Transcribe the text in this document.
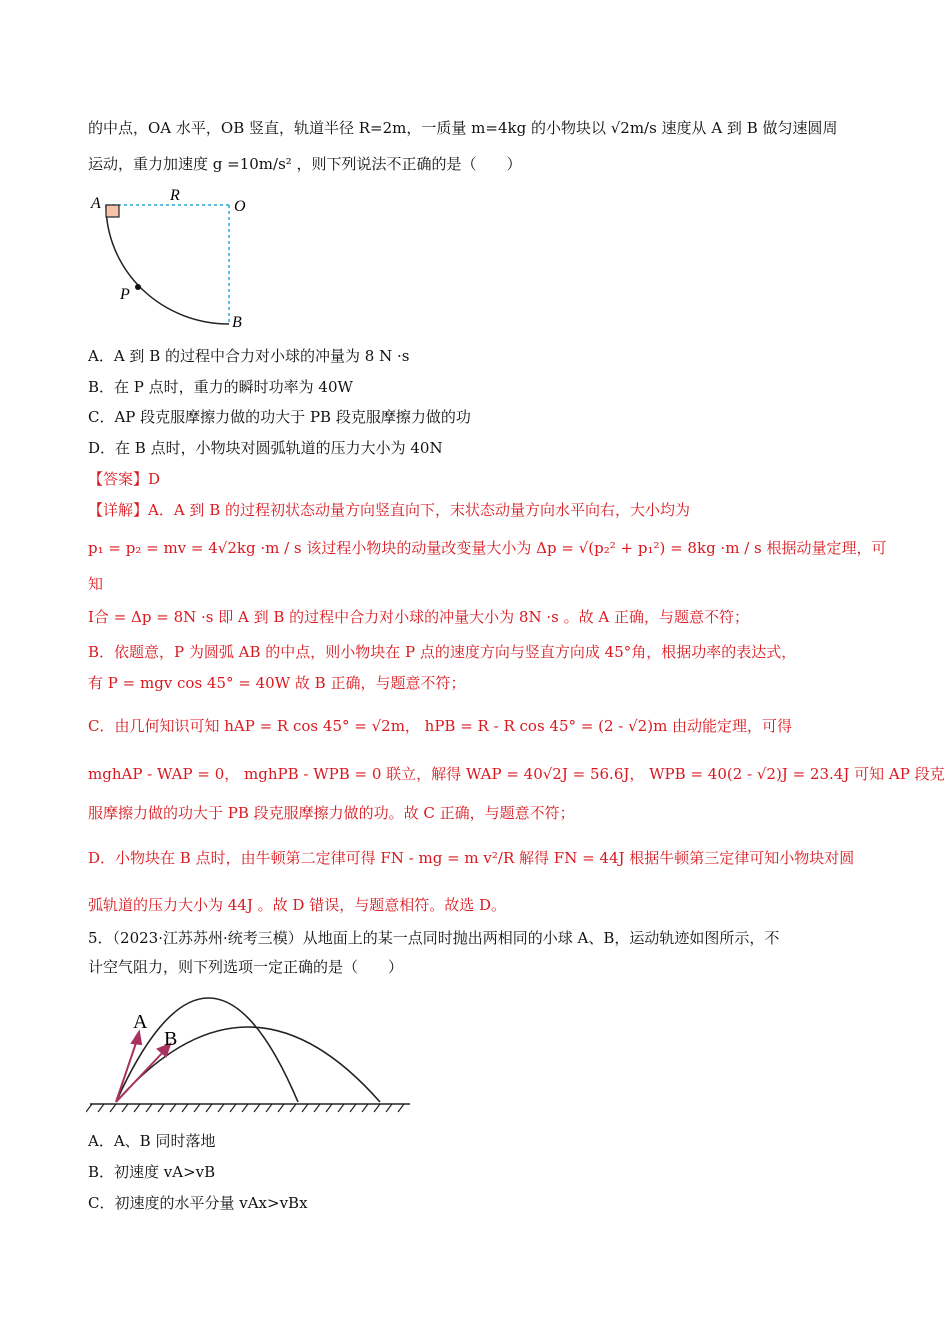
的中点，OA 水平，OB 竖直，轨道半径 R=2m，一质量 m=4kg 的小物块以 √2m/s 速度从 A 到 B 做匀速圆周
运动，重力加速度 g =10m/s² ，则下列说法不正确的是（　　）
A	R
O
P
B
A．A 到 B 的过程中合力对小球的冲量为 8 N ·s
B．在 P 点时，重力的瞬时功率为 40W
C．AP 段克服摩擦力做的功大于 PB 段克服摩擦力做的功
D．在 B 点时，小物块对圆弧轨道的压力大小为 40N
【答案】D
【详解】A．A 到 B 的过程初状态动量方向竖直向下，末状态动量方向水平向右，大小均为
p₁ = p₂ = mv = 4√2kg ·m / s 该过程小物块的动量改变量大小为 Δp = √(p₂² + p₁²) = 8kg ·m / s 根据动量定理，可
知
I合 = Δp = 8N ·s 即 A 到 B 的过程中合力对小球的冲量大小为 8N ·s 。故 A 正确，与题意不符；
B．依题意，P 为圆弧 AB 的中点，则小物块在 P 点的速度方向与竖直方向成 45°角，根据功率的表达式，
有 P = mgv cos 45° = 40W 故 B 正确，与题意不符；
C．由几何知识可知 hAP = R cos 45° = √2m， hPB = R - R cos 45° = (2 - √2)m 由动能定理，可得
mghAP - WAP = 0， mghPB - WPB = 0 联立，解得 WAP = 40√2J = 56.6J， WPB = 40(2 - √2)J = 23.4J 可知 AP 段克
服摩擦力做的功大于 PB 段克服摩擦力做的功。故 C 正确，与题意不符；
D．小物块在 B 点时，由牛顿第二定律可得 FN - mg = m v²/R 解得 FN = 44J 根据牛顿第三定律可知小物块对圆
弧轨道的压力大小为 44J 。故 D 错误，与题意相符。故选 D。
5．（2023·江苏苏州·统考三模）从地面上的某一点同时抛出两相同的小球 A、B，运动轨迹如图所示，不
计空气阻力，则下列选项一定正确的是（　　）
A
B
A．A、B 同时落地
B．初速度 vA>vB
C．初速度的水平分量 vAx>vBx
